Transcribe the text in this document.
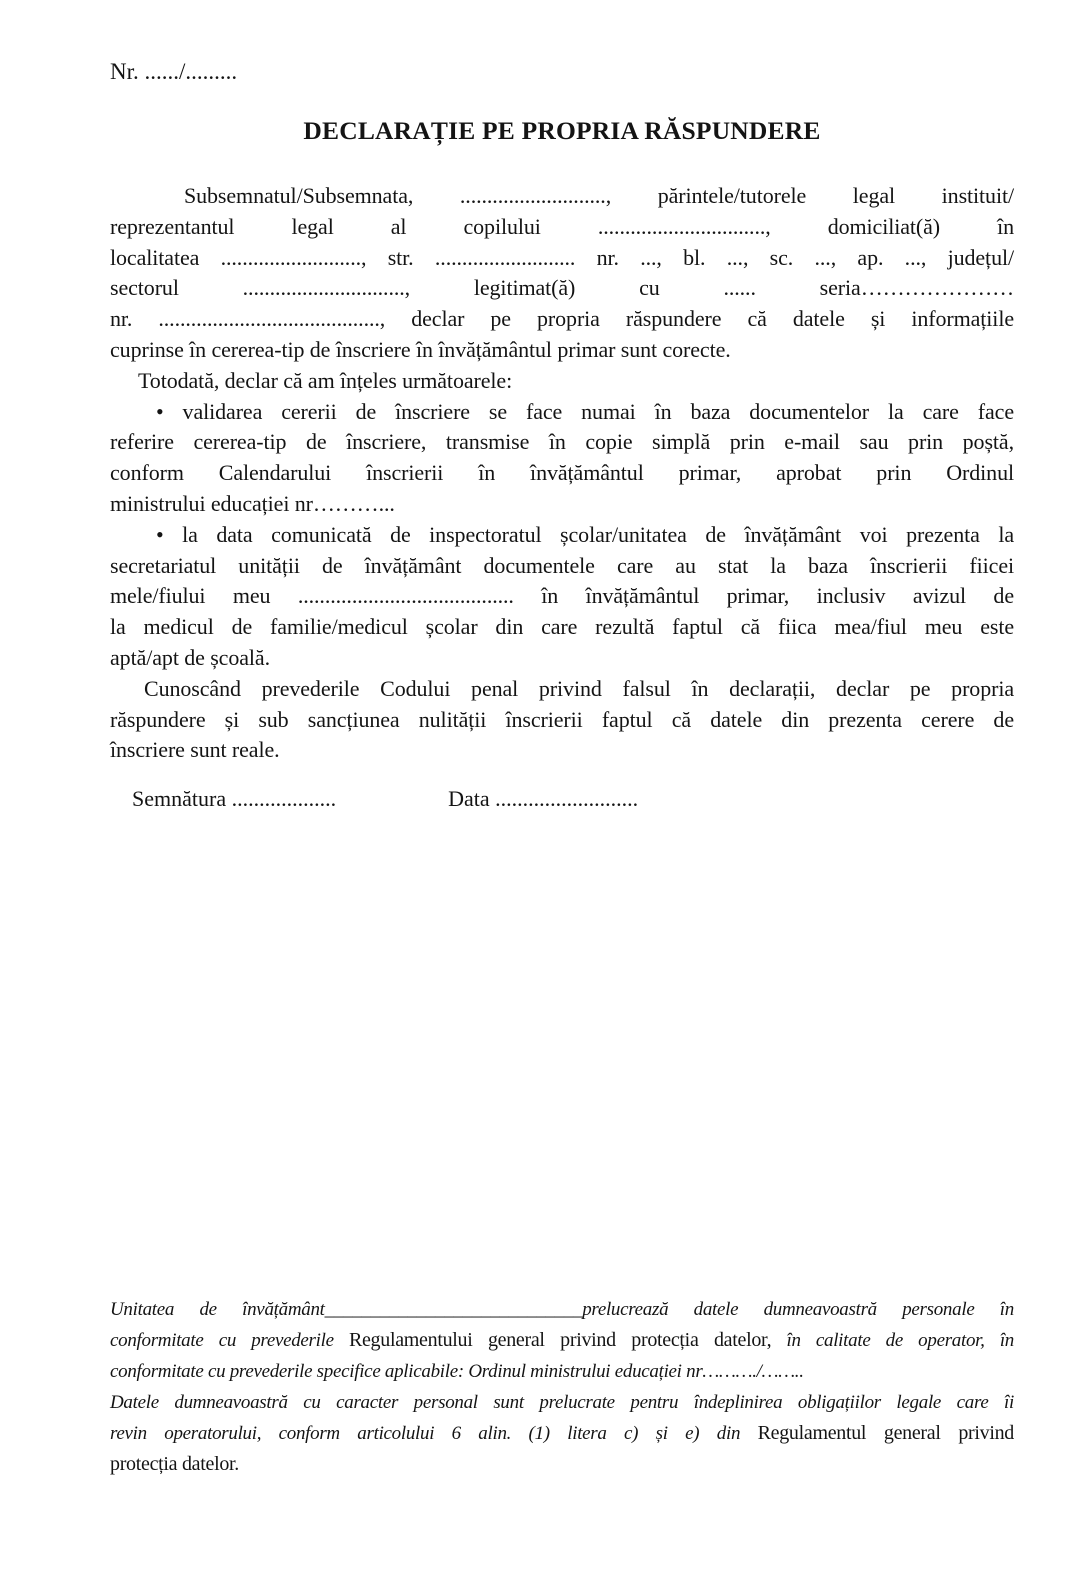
Nr. ....../.........
DECLARAȚIE PE PROPRIA RĂSPUNDERE
Subsemnatul/Subsemnata, ..........................., părintele/tutorele legal instituit/
reprezentantul legal al copilului ..............................., domiciliat(ă) în
localitatea .........................., str. .......................... nr. ..., bl. ..., sc. ..., ap. ..., județul/
sectorul .............................., legitimat(ă) cu ...... seria…………………
nr. ........................................., declar pe propria răspundere că datele și informațiile
cuprinse în cererea-tip de înscriere în învățământul primar sunt corecte.
Totodată, declar că am înțeles următoarele:
• validarea cererii de înscriere se face numai în baza documentelor la care face
referire cererea-tip de înscriere, transmise în copie simplă prin e-mail sau prin poștă,
conform Calendarului înscrierii în învățământul primar, aprobat prin Ordinul
ministrului educației nr………...
• la data comunicată de inspectoratul școlar/unitatea de învățământ voi prezenta la
secretariatul unității de învățământ documentele care au stat la baza înscrierii fiicei
mele/fiului meu ........................................ în învățământul primar, inclusiv avizul de
la medicul de familie/medicul școlar din care rezultă faptul că fiica mea/fiul meu este
aptă/apt de școală.
Cunoscând prevederile Codului penal privind falsul în declarații, declar pe propria
răspundere și sub sancțiunea nulității înscrierii faptul că datele din prezenta cerere de
înscriere sunt reale.
Semnătura ...................	Data ..........................
Unitatea de învățământ____________________________prelucrează datele dumneavoastră personale în
conformitate cu prevederile Regulamentului general privind protecția datelor, în calitate de operator, în
conformitate cu prevederile specifice aplicabile: Ordinul ministrului educației nr………./……..
Datele dumneavoastră cu caracter personal sunt prelucrate pentru îndeplinirea obligațiilor legale care îi
revin operatorului, conform articolului 6 alin. (1) litera c) și e) din Regulamentul general privind
protecția datelor.
